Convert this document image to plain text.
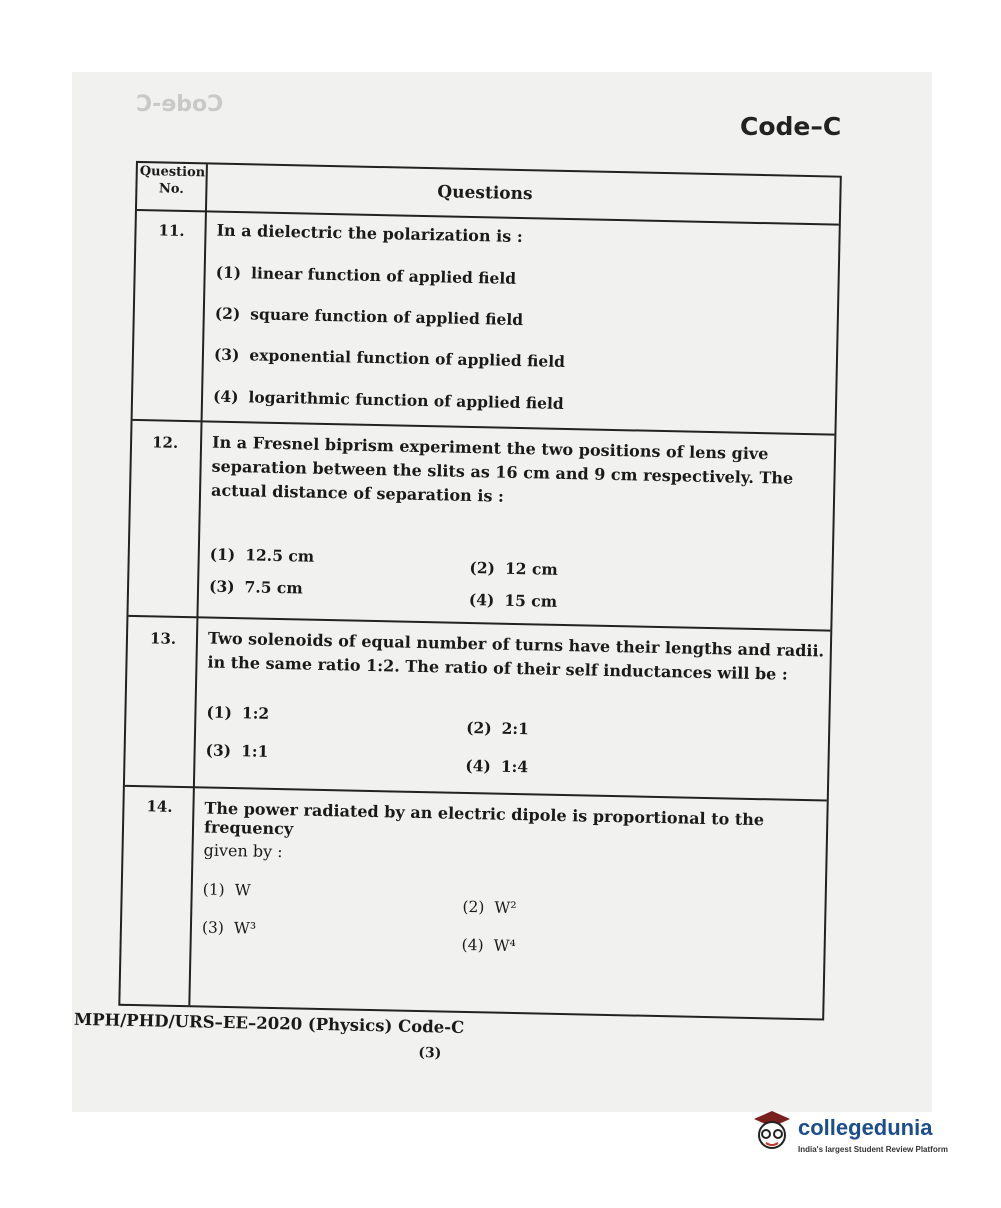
Code-C
Code–C
Question No.	Questions
11. In a dielectric the polarization is :
(1) linear function of applied field
(2) square function of applied field
(3) exponential function of applied field
(4) logarithmic function of applied field
12. In a Fresnel biprism experiment the two positions of lens give separation between the slits as 16 cm and 9 cm respectively. The actual distance of separation is :
(1) 12.5 cm
(2) 12 cm
(3) 7.5 cm
(4) 15 cm
13. Two solenoids of equal number of turns have their lengths and radii. in the same ratio 1:2. The ratio of their self inductances will be :
(1) 1:2
(2) 2:1
(3) 1:1
(4) 1:4
14. The power radiated by an electric dipole is proportional to the frequency
given by :
(1) W
(2) W²
(3) W³
(4) W⁴
MPH/PHD/URS–EE–2020 (Physics) Code-C
(3)
collegedunia
India's largest Student Review Platform
